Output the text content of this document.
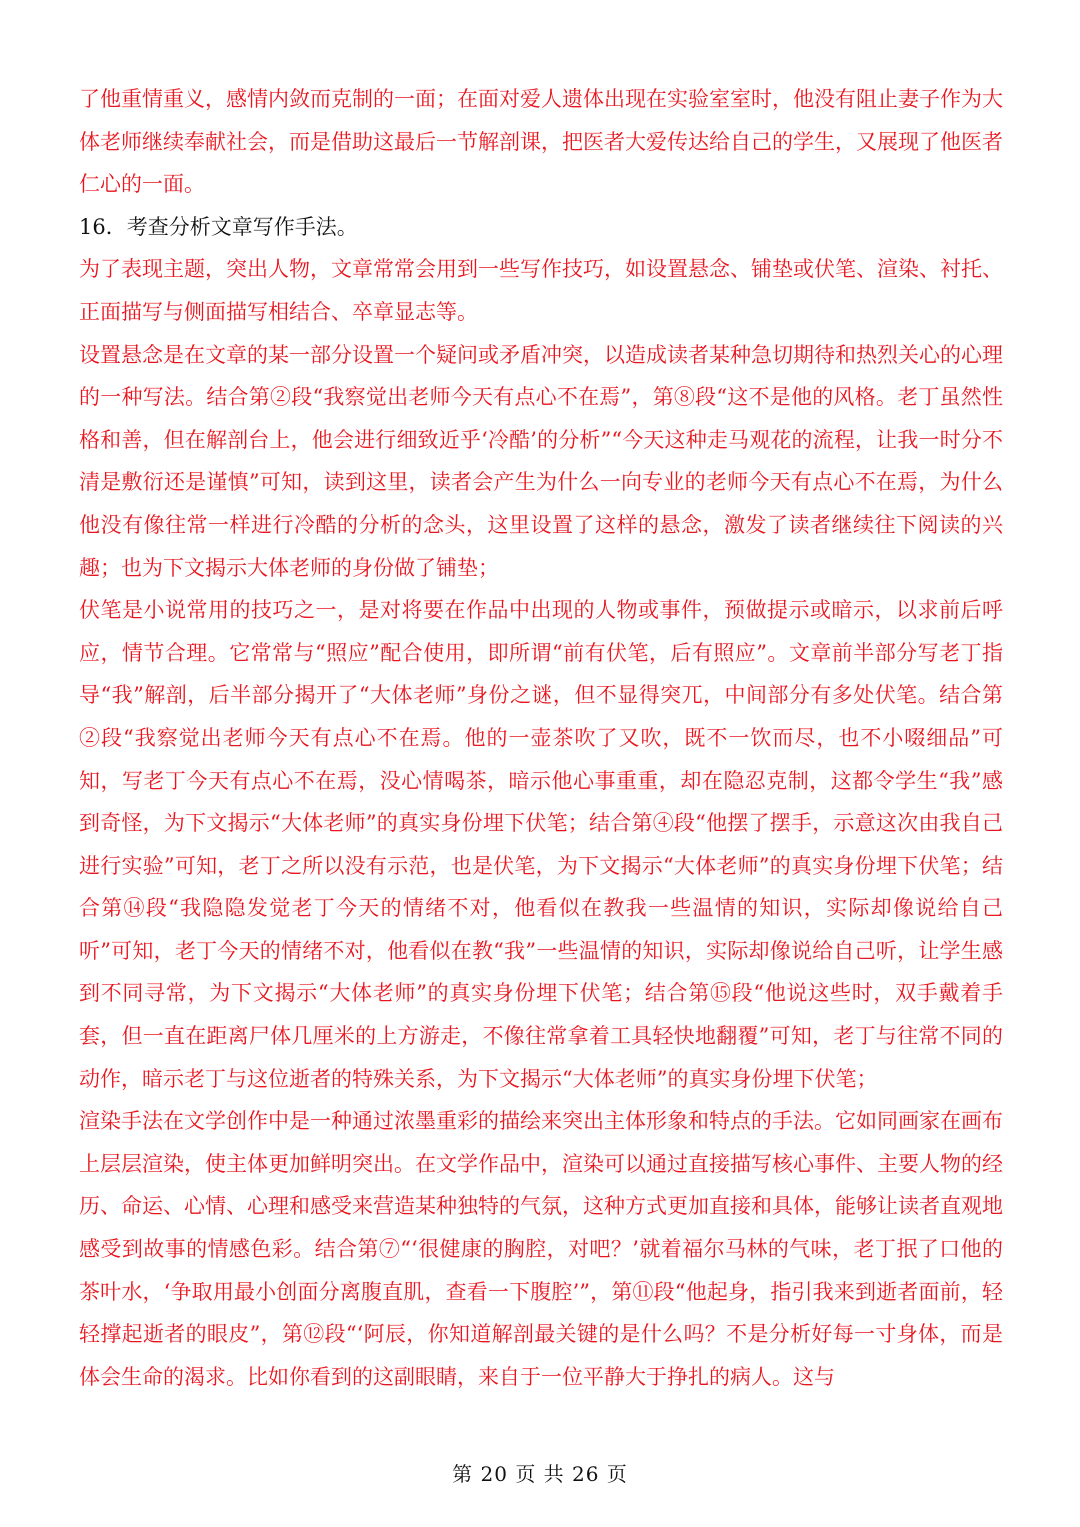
了他重情重义，感情内敛而克制的一面；在面对爱人遗体出现在实验室室时，他没有阻止妻子作为大体老师继续奉献社会，而是借助这最后一节解剖课，把医者大爱传达给自己的学生，又展现了他医者仁心的一面。

16．考查分析文章写作手法。

为了表现主题，突出人物，文章常常会用到一些写作技巧，如设置悬念、铺垫或伏笔、渲染、衬托、正面描写与侧面描写相结合、卒章显志等。

设置悬念是在文章的某一部分设置一个疑问或矛盾冲突，以造成读者某种急切期待和热烈关心的心理的一种写法。结合第②段“我察觉出老师今天有点心不在焉”，第⑧段“这不是他的风格。老丁虽然性格和善，但在解剖台上，他会进行细致近乎‘冷酷’的分析”“今天这种走马观花的流程，让我一时分不清是敷衍还是谨慎”可知，读到这里，读者会产生为什么一向专业的老师今天有点心不在焉，为什么他没有像往常一样进行冷酷的分析的念头，这里设置了这样的悬念，激发了读者继续往下阅读的兴趣；也为下文揭示大体老师的身份做了铺垫；

伏笔是小说常用的技巧之一，是对将要在作品中出现的人物或事件，预做提示或暗示，以求前后呼应，情节合理。它常常与“照应”配合使用，即所谓“前有伏笔，后有照应”。文章前半部分写老丁指导“我”解剖，后半部分揭开了“大体老师”身份之谜，但不显得突兀，中间部分有多处伏笔。结合第②段“我察觉出老师今天有点心不在焉。他的一壶茶吹了又吹，既不一饮而尽，也不小啜细品”可知，写老丁今天有点心不在焉，没心情喝茶，暗示他心事重重，却在隐忍克制，这都令学生“我”感到奇怪，为下文揭示“大体老师”的真实身份埋下伏笔；结合第④段“他摆了摆手，示意这次由我自己进行实验”可知，老丁之所以没有示范，也是伏笔，为下文揭示“大体老师”的真实身份埋下伏笔；结合第⑭段“我隐隐发觉老丁今天的情绪不对，他看似在教我一些温情的知识，实际却像说给自己听”可知，老丁今天的情绪不对，他看似在教“我”一些温情的知识，实际却像说给自己听，让学生感到不同寻常，为下文揭示“大体老师”的真实身份埋下伏笔；结合第⑮段“他说这些时，双手戴着手套，但一直在距离尸体几厘米的上方游走，不像往常拿着工具轻快地翻覆”可知，老丁与往常不同的动作，暗示老丁与这位逝者的特殊关系，为下文揭示“大体老师”的真实身份埋下伏笔；

渲染手法在文学创作中是一种通过浓墨重彩的描绘来突出主体形象和特点的手法。它如同画家在画布上层层渲染，使主体更加鲜明突出。在文学作品中，渲染可以通过直接描写核心事件、主要人物的经历、命运、心情、心理和感受来营造某种独特的气氛，这种方式更加直接和具体，能够让读者直观地感受到故事的情感色彩。结合第⑦“‘很健康的胸腔，对吧？’就着福尔马林的气味，老丁抿了口他的茶叶水，‘争取用最小创面分离腹直肌，查看一下腹腔’”，第⑪段“他起身，指引我来到逝者面前，轻轻撑起逝者的眼皮”，第⑫段“‘阿辰，你知道解剖最关键的是什么吗？不是分析好每一寸身体，而是体会生命的渴求。比如你看到的这副眼睛，来自于一位平静大于挣扎的病人。这与

第 20 页 共 26 页
